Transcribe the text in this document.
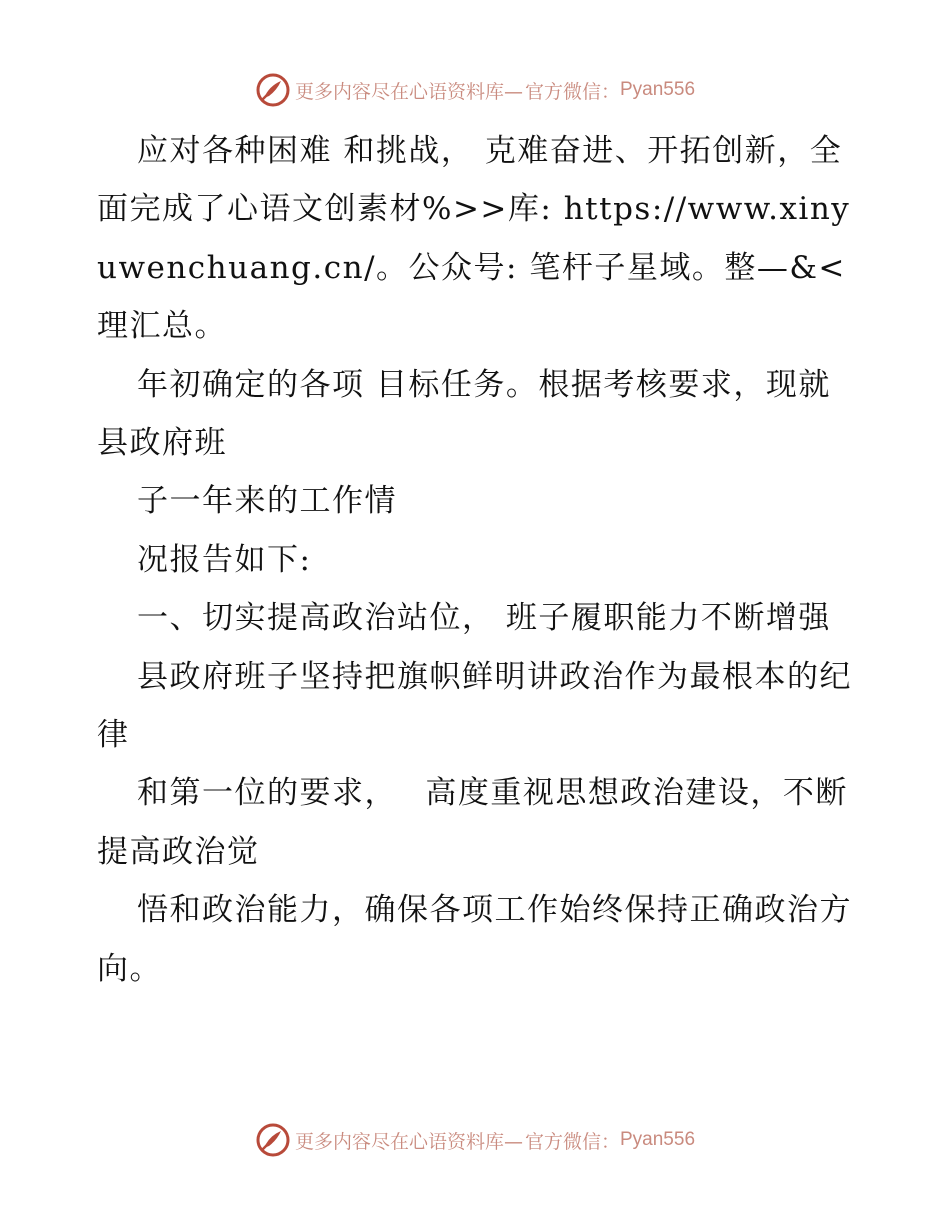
更多内容尽在心语资料库— 官方微信： Pyan556

应对各种困难 和挑战， 克难奋进、开拓创新，全面完成了心语文创素材%>>库: https://www.xinyuwenchuang.cn/。公众号: 笔杆子星域。整—&<理汇总。

年初确定的各项 目标任务。根据考核要求，现就县政府班

子一年来的工作情

况报告如下:

一、切实提高政治站位， 班子履职能力不断增强

县政府班子坚持把旗帜鲜明讲政治作为最根本的纪律

和第一位的要求，　 高度重视思想政治建设，不断提高政治觉

悟和政治能力，确保各项工作始终保持正确政治方向。

更多内容尽在心语资料库— 官方微信： Pyan556
